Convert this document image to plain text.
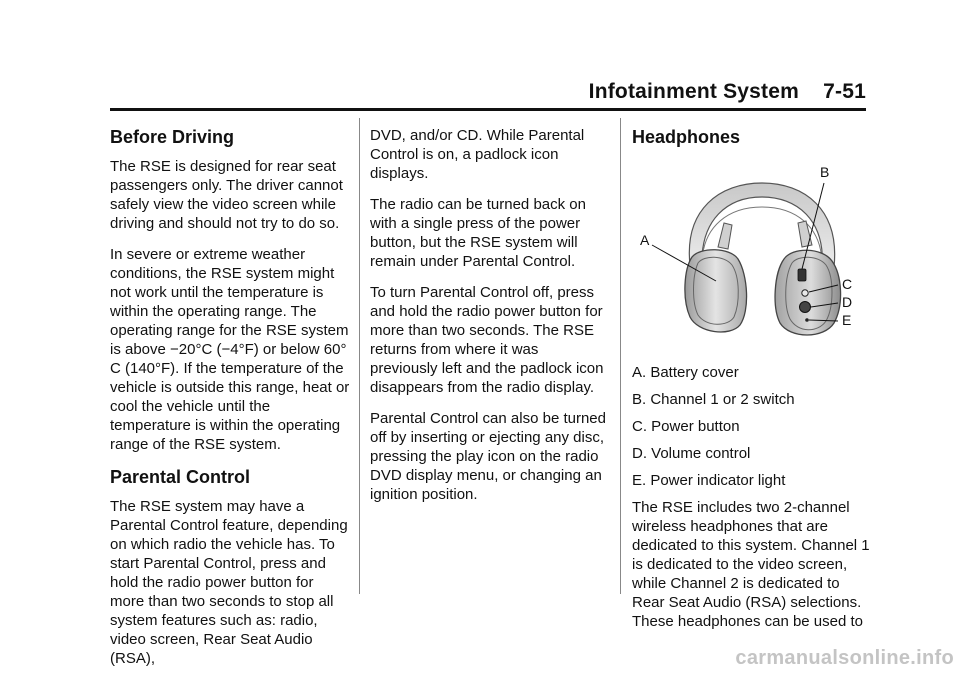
Infotainment System 7-51
Before Driving

The RSE is designed for rear seat passengers only. The driver cannot safely view the video screen while driving and should not try to do so.

In severe or extreme weather conditions, the RSE system might not work until the temperature is within the operating range. The operating range for the RSE system is above −20°C (−4°F) or below 60° C (140°F). If the temperature of the vehicle is outside this range, heat or cool the vehicle until the temperature is within the operating range of the RSE system.

Parental Control

The RSE system may have a Parental Control feature, depending on which radio the vehicle has. To start Parental Control, press and hold the radio power button for more than two seconds to stop all system features such as: radio, video screen, Rear Seat Audio (RSA),

DVD, and/or CD. While Parental Control is on, a padlock icon displays.

The radio can be turned back on with a single press of the power button, but the RSE system will remain under Parental Control.

To turn Parental Control off, press and hold the radio power button for more than two seconds. The RSE returns from where it was previously left and the padlock icon disappears from the radio display.

Parental Control can also be turned off by inserting or ejecting any disc, pressing the play icon on the radio DVD display menu, or changing an ignition position.

Headphones
A
B
C
D
E

A. Battery cover

B. Channel 1 or 2 switch

C. Power button

D. Volume control

E. Power indicator light

The RSE includes two 2-channel wireless headphones that are dedicated to this system. Channel 1 is dedicated to the video screen, while Channel 2 is dedicated to Rear Seat Audio (RSA) selections. These headphones can be used to

carmanualsonline.info
